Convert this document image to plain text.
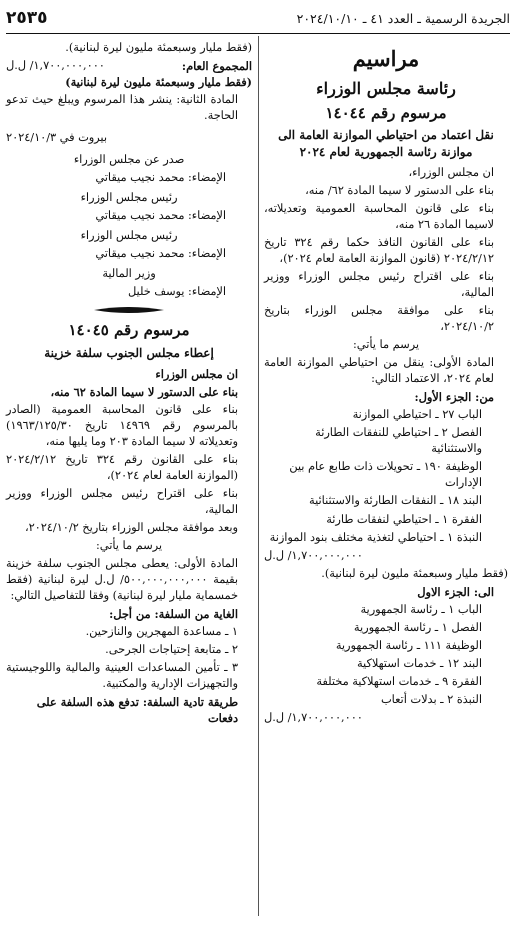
الجريدة الرسمية ـ العدد ٤١ ـ ٢٠٢٤/١٠/١٠
٢٥٣٥
مراسيم
رئاسة مجلس الوزراء
مرسوم رقم ١٤٠٤٤
نقل اعتماد من احتياطي الموازنة العامة الى موازنة رئاسة الجمهورية لعام ٢٠٢٤

ان مجلس الوزراء،

بناء على الدستور لا سيما المادة ٦٢/ منه،

بناء على قانون المحاسبة العمومية وتعديلاته، لاسيما المادة ٢٦ منه،

بناء على القانون النافذ حكما رقم ٣٢٤ تاريخ ٢٠٢٤/٢/١٢ (قانون الموازنة العامة لعام ٢٠٢٤)،

بناء على اقتراح رئيس مجلس الوزراء ووزير المالية،

بناء على موافقة مجلس الوزراء بتاريخ ٢٠٢٤/١٠/٢،

يرسم ما يأتي:

المادة الأولى: ينقل من احتياطي الموازنة العامة لعام ٢٠٢٤، الاعتماد التالي:

من: الجزء الأول:

الباب ٢٧ ـ احتياطي الموازنة

الفصل ٢ ـ احتياطي للنفقات الطارئة والاستثنائية

الوظيفة ١٩٠ ـ تحويلات ذات طابع عام بين الإدارات

البند ١٨ ـ النفقات الطارئة والاستثنائية

الفقرة ١ ـ احتياطي لنفقات طارئة

النبذة ١ ـ احتياطي لتغذية مختلف بنود الموازنة

١,٧٠٠,٠٠٠,٠٠٠/ ل.ل

(فقط مليار وسبعمئة مليون ليرة لبنانية).

الى: الجزء الاول

الباب ١ ـ رئاسة الجمهورية

الفصل ١ ـ رئاسة الجمهورية

الوظيفة ١١١ ـ رئاسة الجمهورية

البند ١٢ ـ خدمات استهلاكية

الفقرة ٩ ـ خدمات استهلاكية مختلفة

النبذة ٢ ـ بدلات أتعاب

١,٧٠٠,٠٠٠,٠٠٠/ ل.ل

(فقط مليار وسبعمئة مليون ليرة لبنانية).

المجموع العام:
١,٧٠٠,٠٠٠,٠٠٠/ ل.ل

(فقط مليار وسبعمئة مليون ليرة لبنانية)

المادة الثانية: ينشر هذا المرسوم ويبلغ حيث تدعو الحاجة.

بيروت في ٢٠٢٤/١٠/٣

صدر عن مجلس الوزراء

الإمضاء: محمد نجيب ميقاتي

رئيس مجلس الوزراء

الإمضاء: محمد نجيب ميقاتي

رئيس مجلس الوزراء

الإمضاء: محمد نجيب ميقاتي

وزير المالية

الإمضاء: يوسف خليل

مرسوم رقم ١٤٠٤٥
إعطاء مجلس الجنوب سلفة خزينة

ان مجلس الوزراء

بناء على الدستور لا سيما المادة ٦٢ منه،

بناء على قانون المحاسبة العمومية (الصادر بالمرسوم رقم ١٤٩٦٩ تاريخ ١٩٦٣/١٢٥/٣٠) وتعديلاته لا سيما المادة ٢٠٣ وما يليها منه،

بناء على القانون رقم ٣٢٤ تاريخ ٢٠٢٤/٢/١٢ (الموازنة العامة لعام ٢٠٢٤)،

بناء على اقتراح رئيس مجلس الوزراء ووزير المالية،

وبعد موافقة مجلس الوزراء بتاريخ ٢٠٢٤/١٠/٢،

يرسم ما يأتي:

المادة الأولى: يعطى مجلس الجنوب سلفة خزينة بقيمة ٥٠٠,٠٠٠,٠٠٠,٠٠٠/ ل.ل ليرة لبنانية (فقط خمسماية مليار ليرة لبنانية) وفقا للتفاصيل التالي:

الغاية من السلفة: من أجل:

١ ـ مساعدة المهجرين والنازحين.

٢ ـ متابعة إحتياجات الجرحى.

٣ ـ تأمين المساعدات العينية والمالية واللوجيستية والتجهيزات الإدارية والمكتبية.

طريقة تادية السلفة: تدفع هذه السلفة على دفعات
